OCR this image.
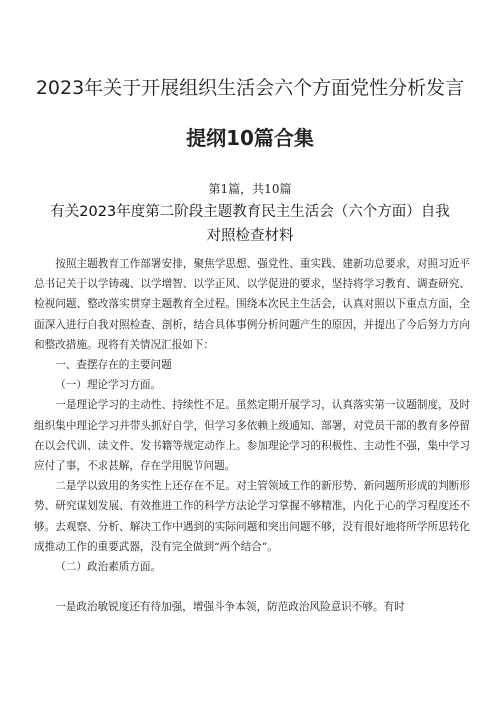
2023年关于开展组织生活会六个方面党性分析发言
提纲10篇合集
第1篇，共10篇
有关2023年度第二阶段主题教育民主生活会（六个方面）自我对照检查材料

按照主题教育工作部署安排，聚焦学思想、强党性、重实践、建新功总要求，对照习近平总书记关于以学铸魂、以学增智、以学正风、以学促进的要求，坚持将学习教育、调查研究、检视问题、整改落实贯穿主题教育全过程。围绕本次民主生活会，认真对照以下重点方面，全面深入进行自我对照检查、剖析，结合具体事例分析问题产生的原因，并提出了今后努力方向和整改措施。现将有关情况汇报如下：

一、查摆存在的主要问题

（一）理论学习方面。

一是理论学习的主动性、持续性不足。虽然定期开展学习，认真落实第一议题制度，及时组织集中理论学习并带头抓好自学，但学习多依赖上级通知、部署，对党员干部的教育多停留在以会代训、读文件、发书籍等规定动作上。参加理论学习的积极性、主动性不强，集中学习应付了事，不求甚解，存在学用脱节问题。

二是学以致用的务实性上还存在不足。对主管领域工作的新形势、新问题所形成的判断形势、研究谋划发展、有效推进工作的科学方法论学习掌握不够精准，内化于心的学习程度还不够。去观察、分析、解决工作中遇到的实际问题和突出问题不够，没有很好地将所学所思转化成推动工作的重要武器，没有完全做到“两个结合”。

（二）政治素质方面。

一是政治敏锐度还有待加强，增强斗争本领，防范政治风险意识不够。有时
